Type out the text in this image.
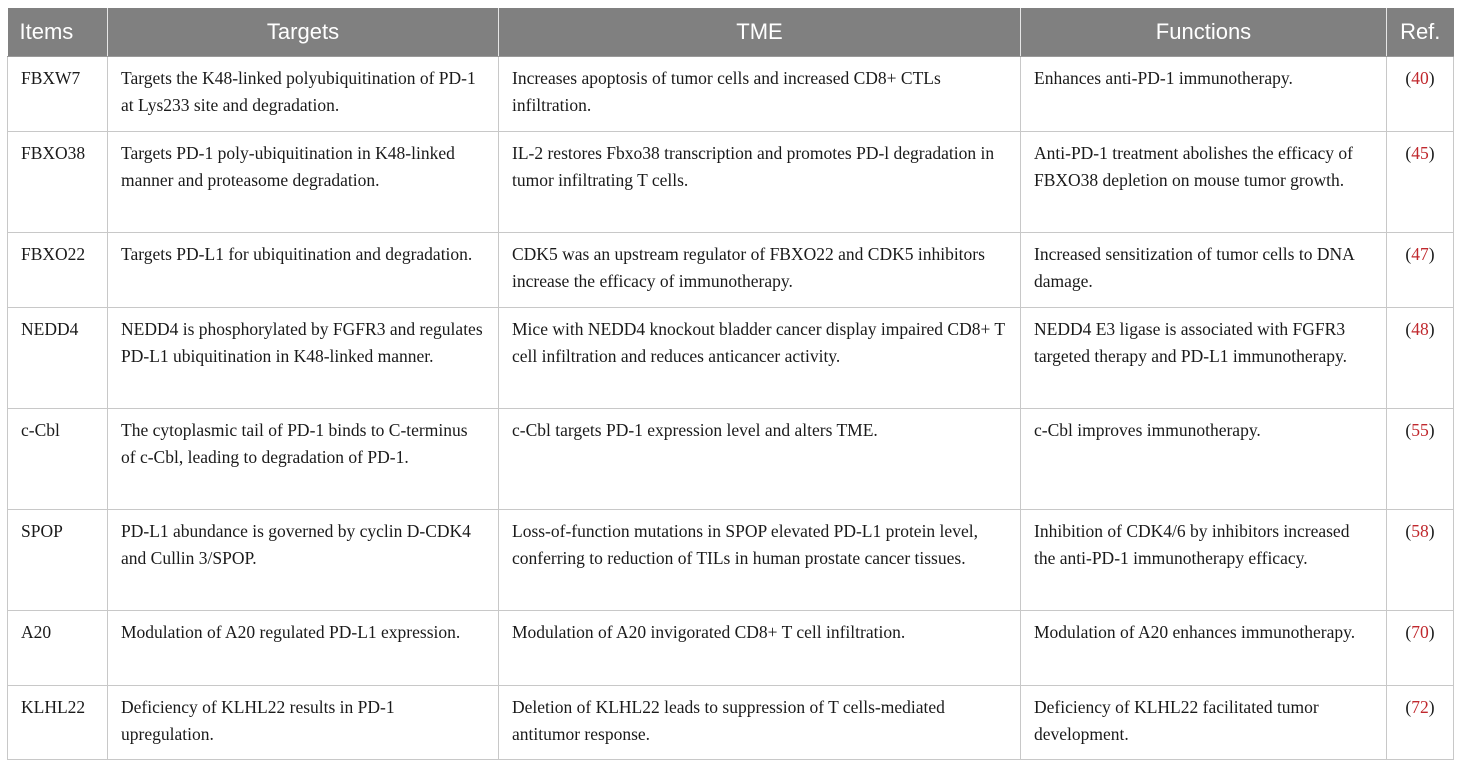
Items	Targets	TME	Functions	Ref.
FBXW7	Targets the K48-linked polyubiquitination of PD-1 at Lys233 site and degradation.	Increases apoptosis of tumor cells and increased CD8+ CTLs infiltration.	Enhances anti-PD-1 immunotherapy.	(40)
FBXO38	Targets PD-1 poly-ubiquitination in K48-linked manner and proteasome degradation.	IL-2 restores Fbxo38 transcription and promotes PD-l degradation in tumor infiltrating T cells.	Anti-PD-1 treatment abolishes the efficacy of FBXO38 depletion on mouse tumor growth.	(45)
FBXO22	Targets PD-L1 for ubiquitination and degradation.	CDK5 was an upstream regulator of FBXO22 and CDK5 inhibitors increase the efficacy of immunotherapy.	Increased sensitization of tumor cells to DNA damage.	(47)
NEDD4	NEDD4 is phosphorylated by FGFR3 and regulates PD-L1 ubiquitination in K48-linked manner.	Mice with NEDD4 knockout bladder cancer display impaired CD8+ T cell infiltration and reduces anticancer activity.	NEDD4 E3 ligase is associated with FGFR3 targeted therapy and PD-L1 immunotherapy.	(48)
c-Cbl	The cytoplasmic tail of PD-1 binds to C-terminus of c-Cbl, leading to degradation of PD-1.	c-Cbl targets PD-1 expression level and alters TME.	c-Cbl improves immunotherapy.	(55)
SPOP	PD-L1 abundance is governed by cyclin D-CDK4 and Cullin 3/SPOP.	Loss-of-function mutations in SPOP elevated PD-L1 protein level, conferring to reduction of TILs in human prostate cancer tissues.	Inhibition of CDK4/6 by inhibitors increased the anti-PD-1 immunotherapy efficacy.	(58)
A20	Modulation of A20 regulated PD-L1 expression.	Modulation of A20 invigorated CD8+ T cell infiltration.	Modulation of A20 enhances immunotherapy.	(70)
KLHL22	Deficiency of KLHL22 results in PD-1 upregulation.	Deletion of KLHL22 leads to suppression of T cells-mediated antitumor response.	Deficiency of KLHL22 facilitated tumor development.	(72)
